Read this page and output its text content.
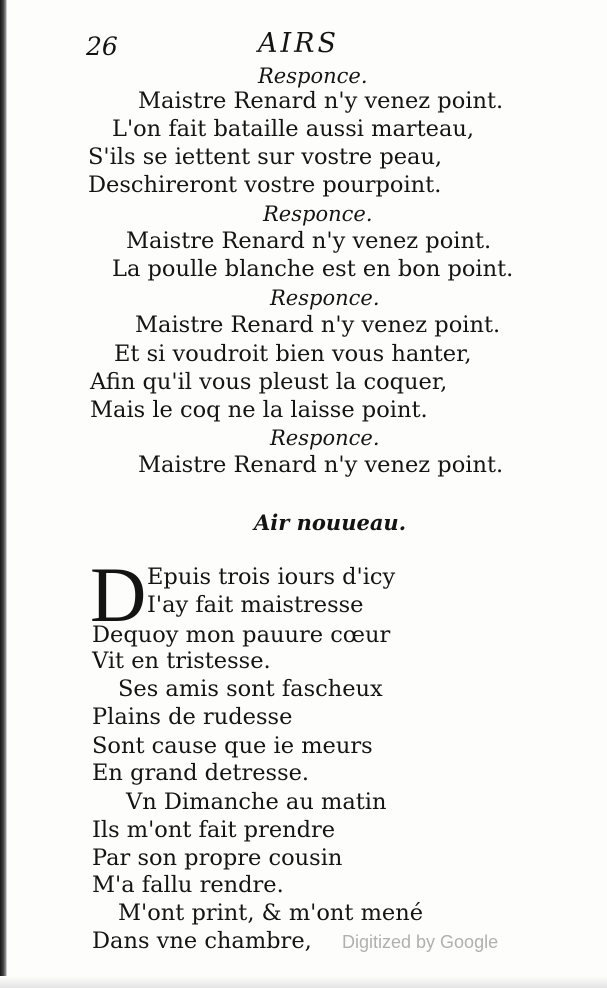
26	AIRS
Responce.
Maistre Renard n'y venez point.
L'on fait bataille aussi marteau,
S'ils se iettent sur vostre peau,
Deschireront vostre pourpoint.
Responce.
Maistre Renard n'y venez point.
La poulle blanche est en bon point.
Responce.
Maistre Renard n'y venez point.
Et si voudroit bien vous hanter,
Afin qu'il vous pleust la coquer,
Mais le coq ne la laisse point.
Responce.
Maistre Renard n'y venez point.
Air nouueau.
D Epuis trois iours d'icy
I'ay fait maistresse
Dequoy mon pauure cœur
Vit en tristesse.
Ses amis sont fascheux
Plains de rudesse
Sont cause que ie meurs
En grand detresse.
Vn Dimanche au matin
Ils m'ont fait prendre
Par son propre cousin
M'a fallu rendre.
M'ont print, & m'ont mené
Dans vne chambre, Digitized by Google
